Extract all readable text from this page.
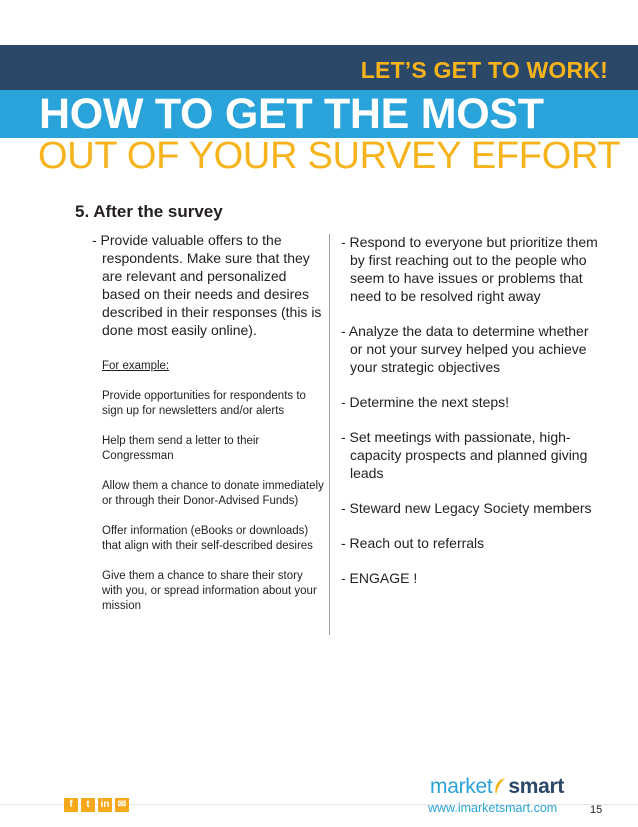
LET’S GET TO WORK!
HOW TO GET THE MOST
OUT OF YOUR SURVEY EFFORT
5. After the survey
- Provide valuable offers to the respondents. Make sure that they are relevant and personalized based on their needs and desires described in their responses (this is done most easily online).
For example:
Provide opportunities for respondents to sign up for newsletters and/or alerts
Help them send a letter to their Congressman
Allow them a chance to donate immediately or through their Donor-Advised Funds)
Offer information (eBooks or downloads) that align with their self-described desires
Give them a chance to share their story with you, or spread information about your mission
- Respond to everyone but prioritize them by first reaching out to the people who seem to have issues or problems that need to be resolved right away
- Analyze the data to determine whether or not your survey helped you achieve your strategic objectives
- Determine the next steps!
- Set meetings with passionate, high-capacity prospects and planned giving leads
- Steward new Legacy Society members
- Reach out to referrals
- ENGAGE !
f	t	in ✉
market smart
www.imarketsmart.com	15
